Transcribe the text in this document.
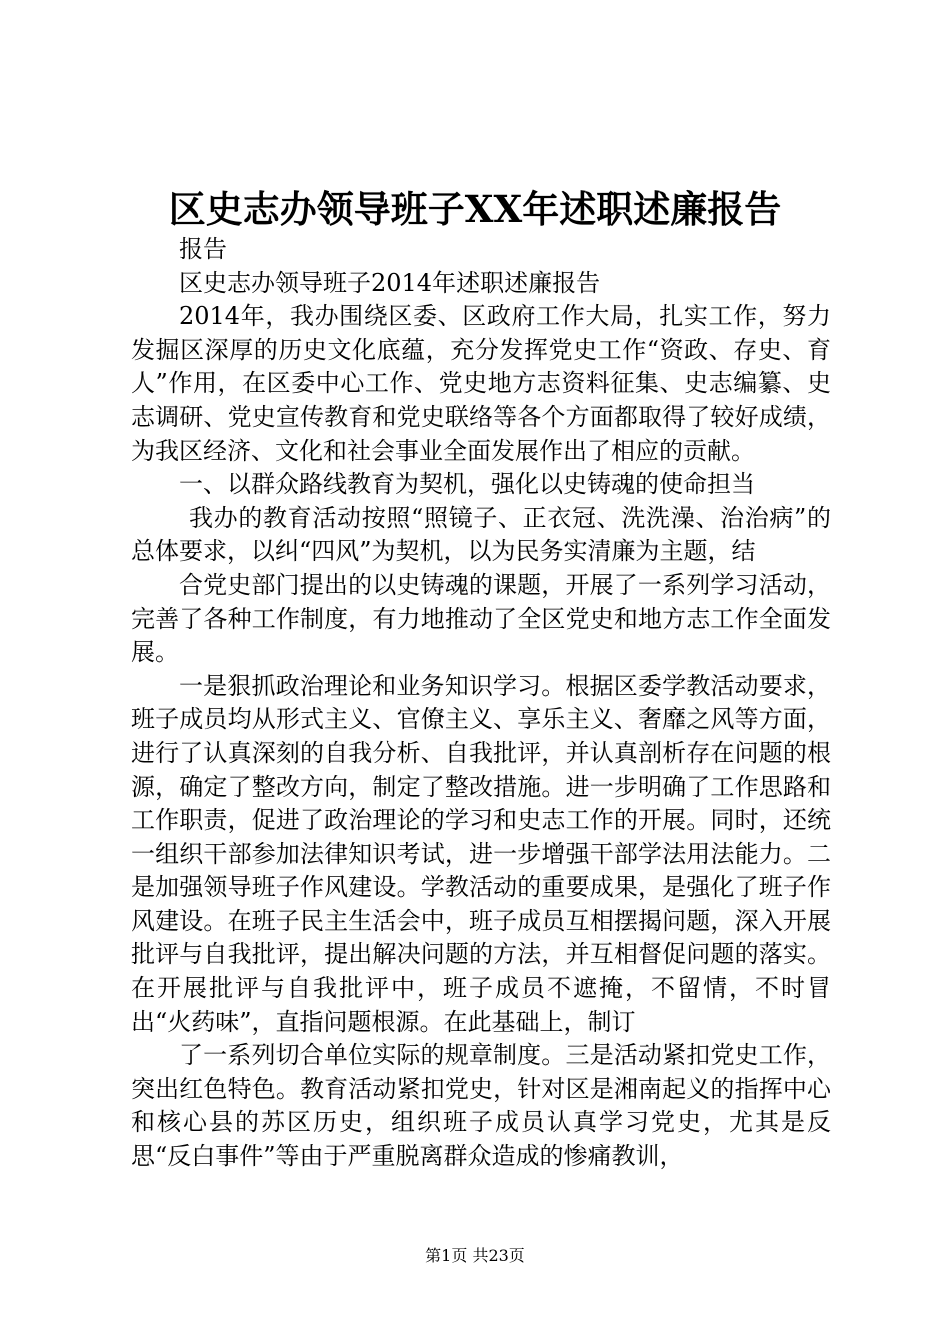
区史志办领导班子XX年述职述廉报告

报告

区史志办领导班子2014年述职述廉报告

2014年，我办围绕区委、区政府工作大局，扎实工作，努力发掘区深厚的历史文化底蕴，充分发挥党史工作“资政、存史、育人”作用，在区委中心工作、党史地方志资料征集、史志编纂、史志调研、党史宣传教育和党史联络等各个方面都取得了较好成绩，为我区经济、文化和社会事业全面发展作出了相应的贡献。

一、以群众路线教育为契机，强化以史铸魂的使命担当

我办的教育活动按照“照镜子、正衣冠、洗洗澡、治治病”的总体要求，以纠“四风”为契机，以为民务实清廉为主题，结

合党史部门提出的以史铸魂的课题，开展了一系列学习活动，完善了各种工作制度，有力地推动了全区党史和地方志工作全面发展。

一是狠抓政治理论和业务知识学习。根据区委学教活动要求，班子成员均从形式主义、官僚主义、享乐主义、奢靡之风等方面，进行了认真深刻的自我分析、自我批评，并认真剖析存在问题的根源，确定了整改方向，制定了整改措施。进一步明确了工作思路和工作职责，促进了政治理论的学习和史志工作的开展。同时，还统一组织干部参加法律知识考试，进一步增强干部学法用法能力。二是加强领导班子作风建设。学教活动的重要成果，是强化了班子作风建设。在班子民主生活会中，班子成员互相摆揭问题，深入开展批评与自我批评，提出解决问题的方法，并互相督促问题的落实。在开展批评与自我批评中，班子成员不遮掩，不留情，不时冒出“火药味”，直指问题根源。在此基础上，制订

了一系列切合单位实际的规章制度。三是活动紧扣党史工作，突出红色特色。教育活动紧扣党史，针对区是湘南起义的指挥中心和核心县的苏区历史，组织班子成员认真学习党史，尤其是反思“反白事件”等由于严重脱离群众造成的惨痛教训，

第1页 共23页
